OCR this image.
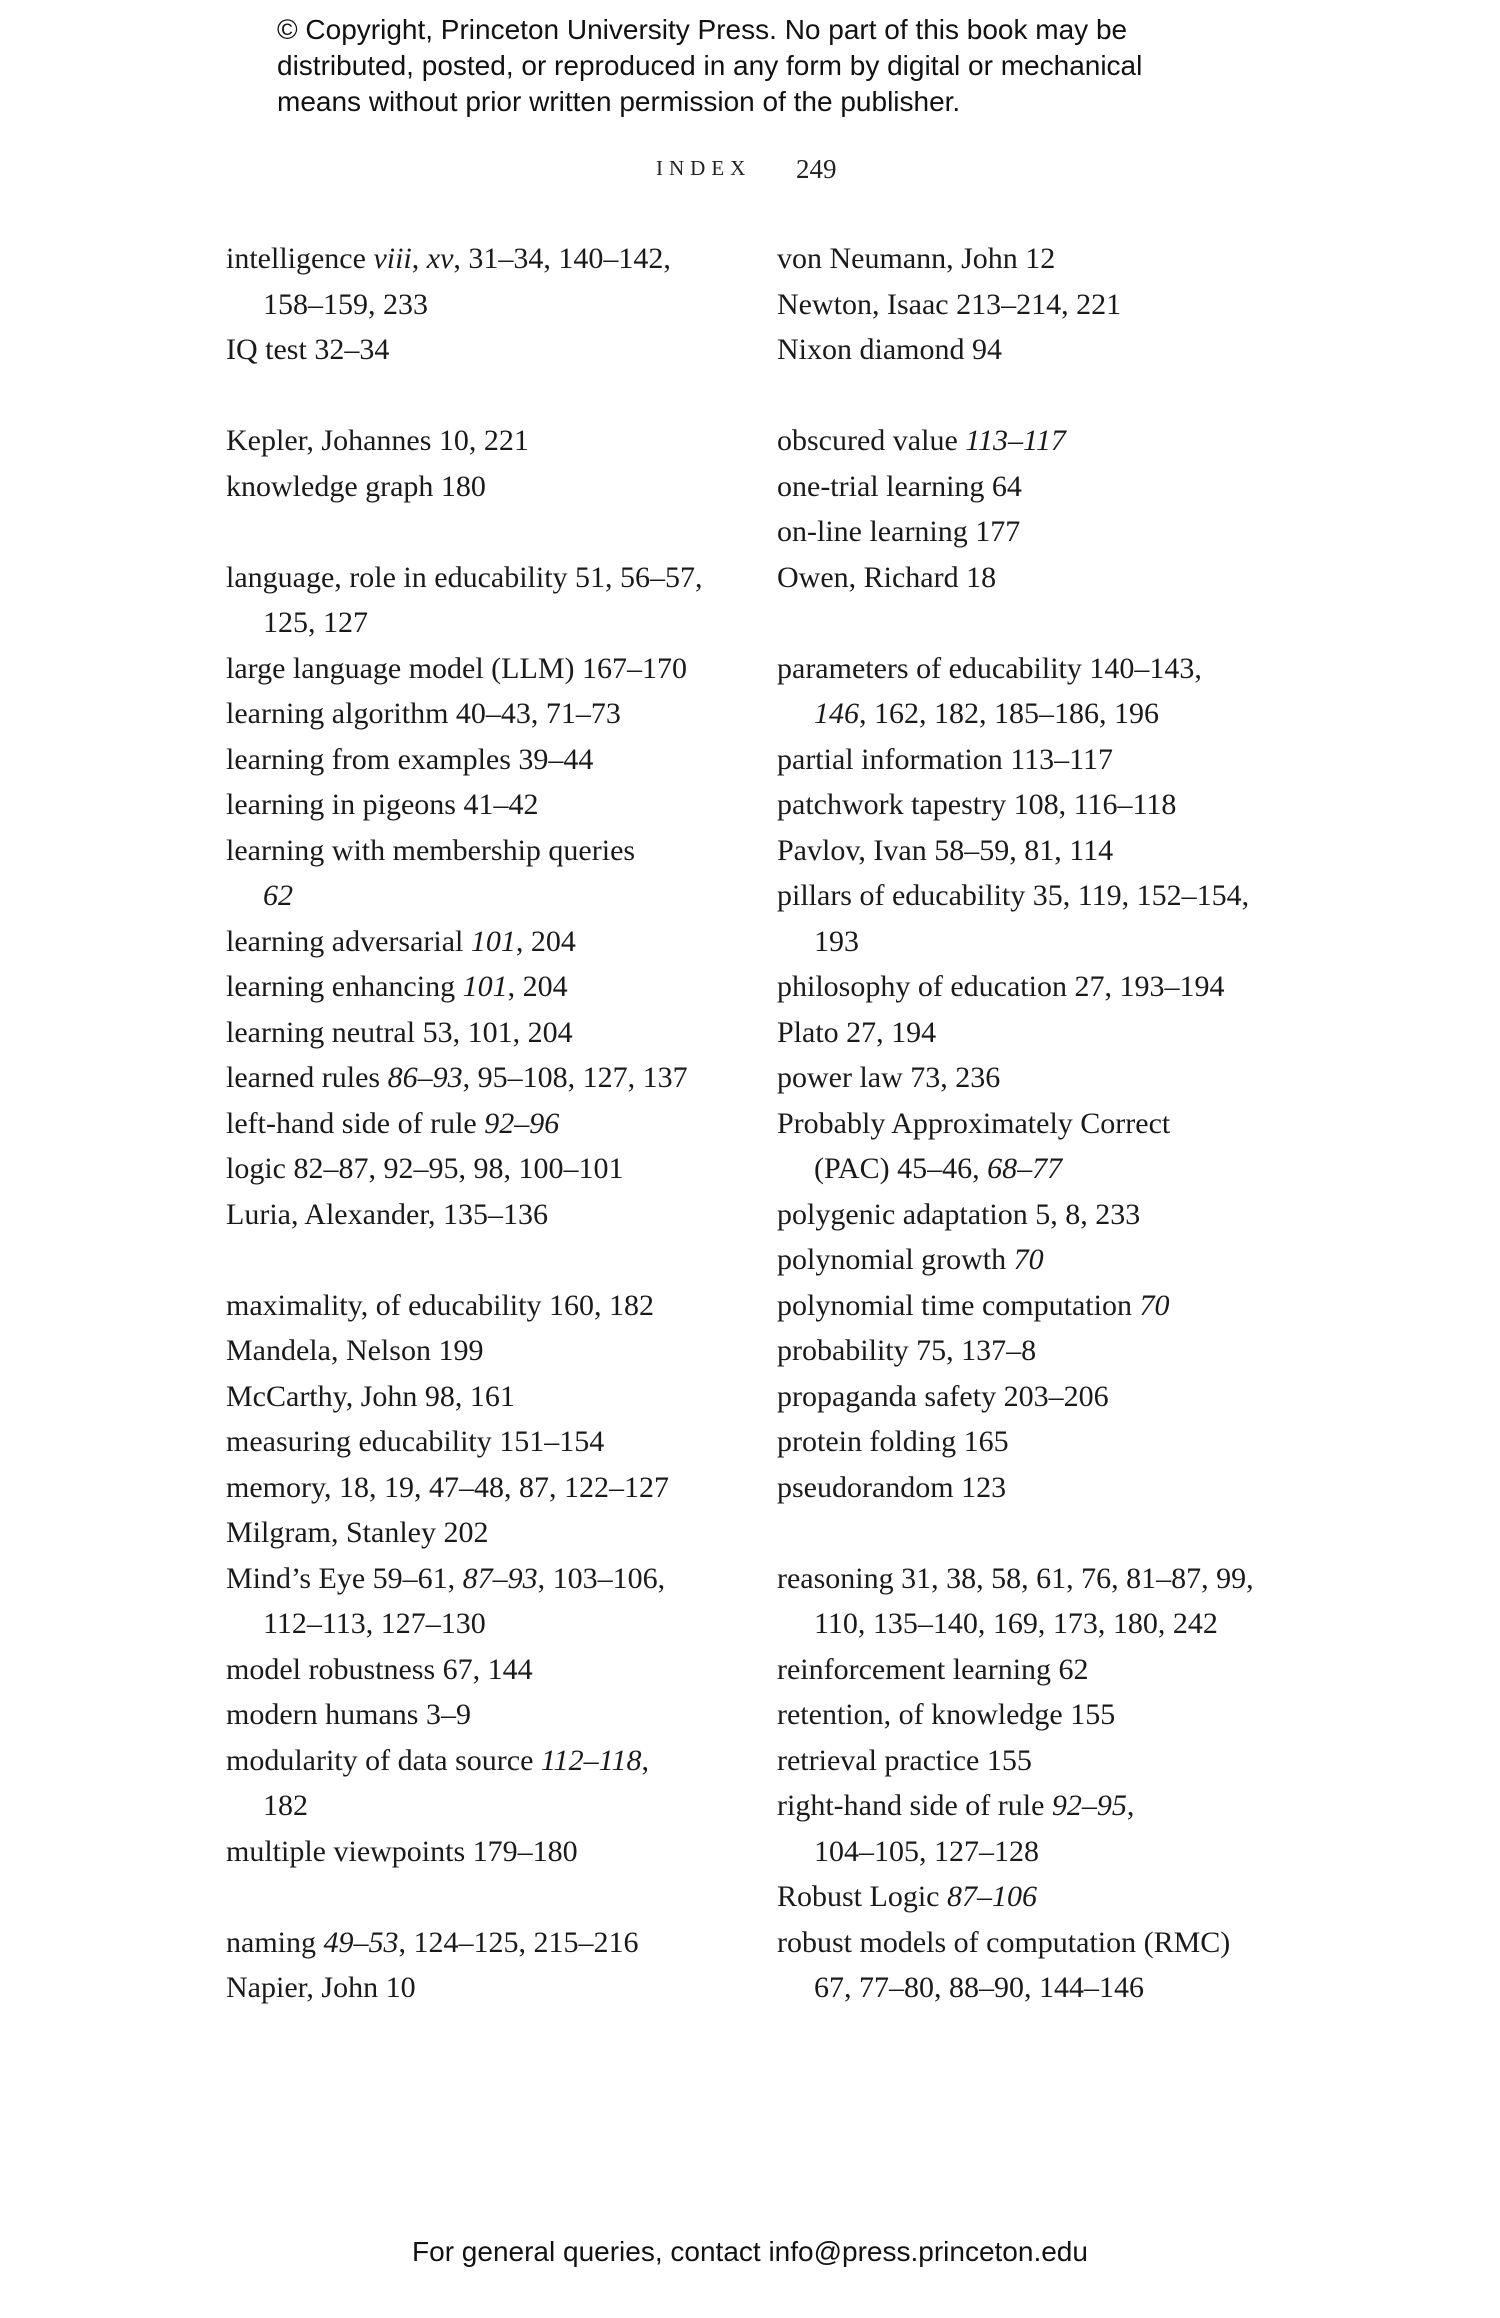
© Copyright, Princeton University Press. No part of this book may be
distributed, posted, or reproduced in any form by digital or mechanical
means without prior written permission of the publisher.
INDEX 249
intelligence viii, xv, 31–34, 140–142,
158–159, 233
IQ test 32–34
Kepler, Johannes 10, 221
knowledge graph 180
language, role in educability 51, 56–57,
125, 127
large language model (LLM) 167–170
learning algorithm 40–43, 71–73
learning from examples 39–44
learning in pigeons 41–42
learning with membership queries
62
learning adversarial 101, 204
learning enhancing 101, 204
learning neutral 53, 101, 204
learned rules 86–93, 95–108, 127, 137
left-hand side of rule 92–96
logic 82–87, 92–95, 98, 100–101
Luria, Alexander, 135–136
maximality, of educability 160, 182
Mandela, Nelson 199
McCarthy, John 98, 161
measuring educability 151–154
memory, 18, 19, 47–48, 87, 122–127
Milgram, Stanley 202
Mind’s Eye 59–61, 87–93, 103–106,
112–113, 127–130
model robustness 67, 144
modern humans 3–9
modularity of data source 112–118,
182
multiple viewpoints 179–180
naming 49–53, 124–125, 215–216
Napier, John 10
von Neumann, John 12
Newton, Isaac 213–214, 221
Nixon diamond 94
obscured value 113–117
one-trial learning 64
on-line learning 177
Owen, Richard 18
parameters of educability 140–143,
146, 162, 182, 185–186, 196
partial information 113–117
patchwork tapestry 108, 116–118
Pavlov, Ivan 58–59, 81, 114
pillars of educability 35, 119, 152–154,
193
philosophy of education 27, 193–194
Plato 27, 194
power law 73, 236
Probably Approximately Correct
(PAC) 45–46, 68–77
polygenic adaptation 5, 8, 233
polynomial growth 70
polynomial time computation 70
probability 75, 137–8
propaganda safety 203–206
protein folding 165
pseudorandom 123
reasoning 31, 38, 58, 61, 76, 81–87, 99,
110, 135–140, 169, 173, 180, 242
reinforcement learning 62
retention, of knowledge 155
retrieval practice 155
right-hand side of rule 92–95,
104–105, 127–128
Robust Logic 87–106
robust models of computation (RMC)
67, 77–80, 88–90, 144–146
For general queries, contact info@press.princeton.edu
